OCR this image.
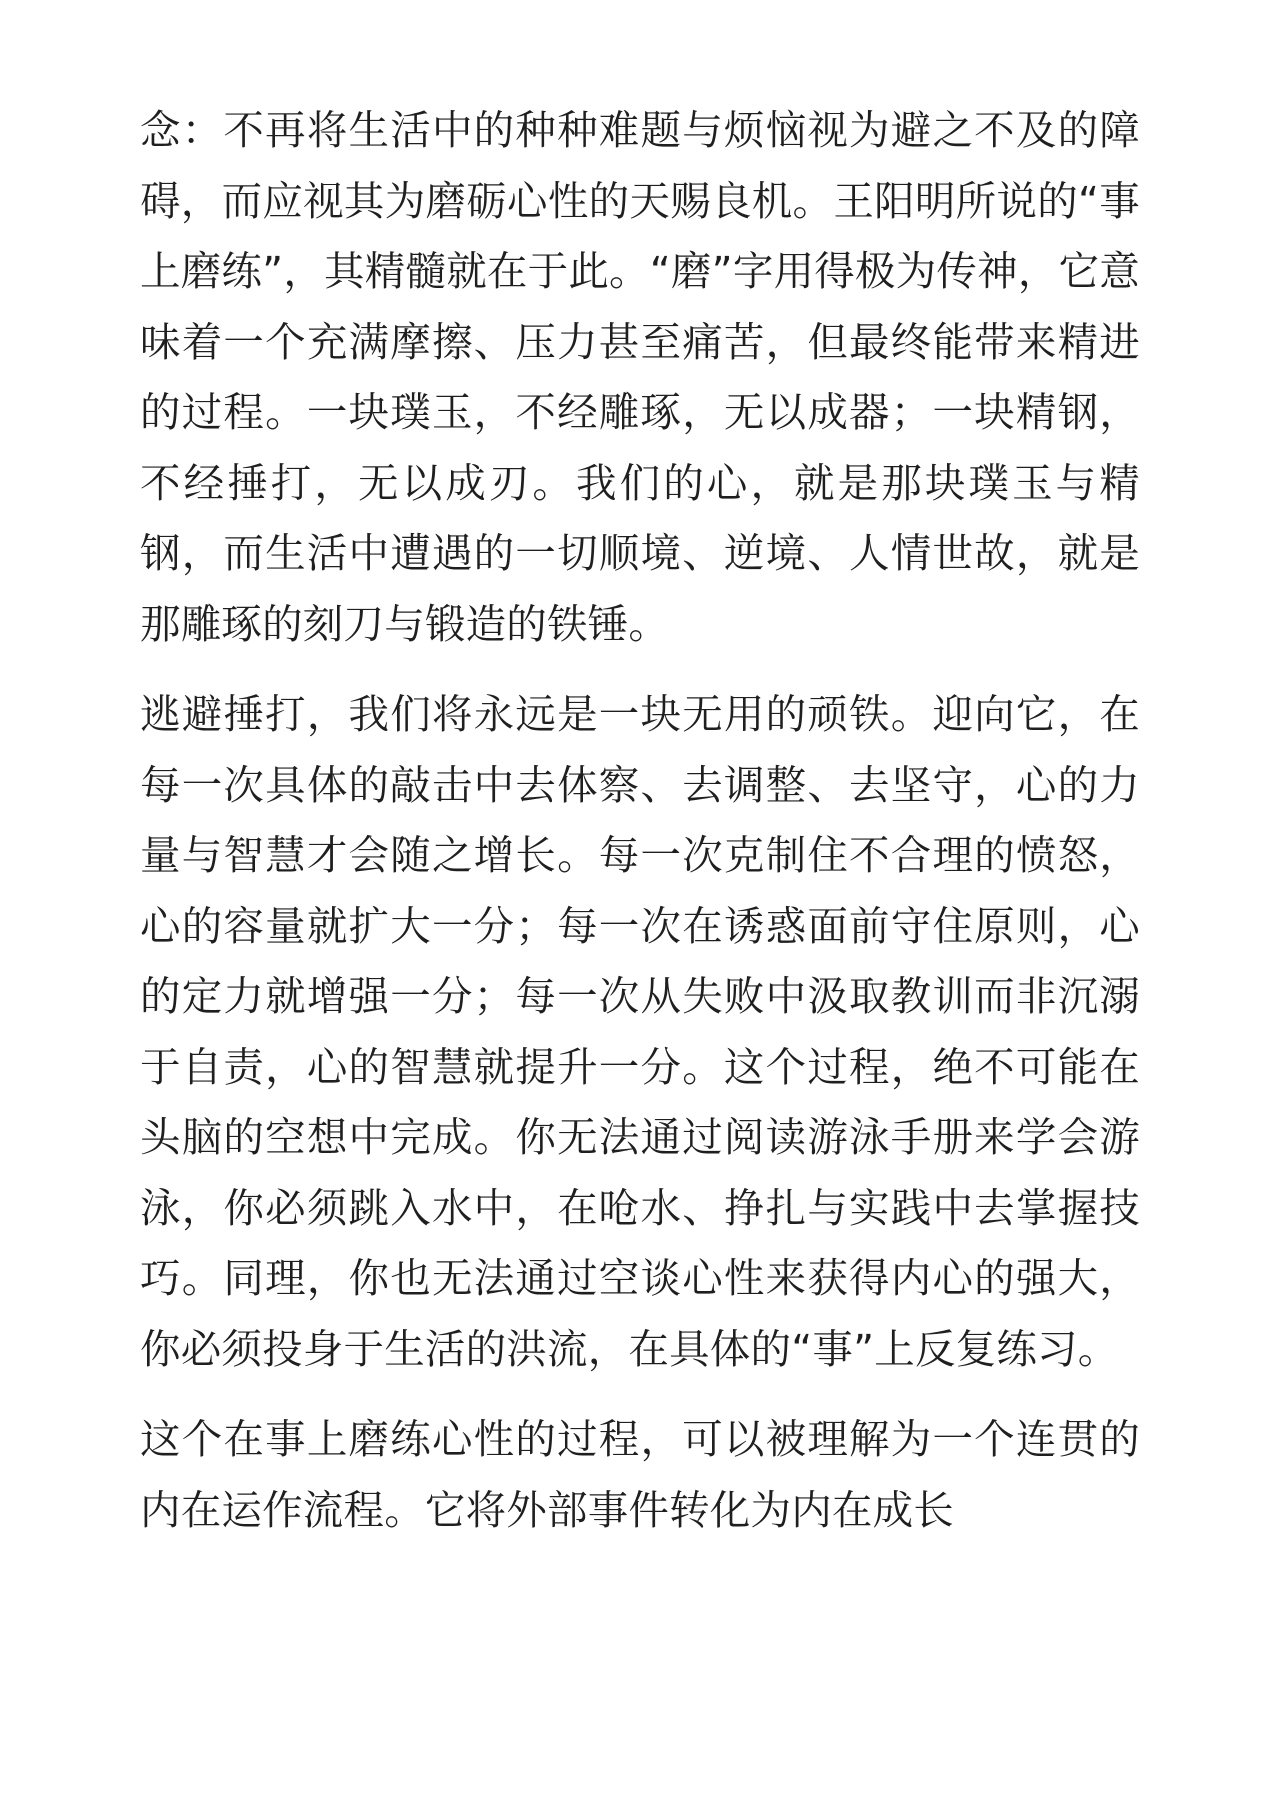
念：不再将生活中的种种难题与烦恼视为避之不及的障碍，而应视其为磨砺心性的天赐良机。王阳明所说的“事上磨练”，其精髓就在于此。“磨”字用得极为传神，它意味着一个充满摩擦、压力甚至痛苦，但最终能带来精进的过程。一块璞玉，不经雕琢，无以成器；一块精钢，不经捶打，无以成刃。我们的心，就是那块璞玉与精钢，而生活中遭遇的一切顺境、逆境、人情世故，就是那雕琢的刻刀与锻造的铁锤。

逃避捶打，我们将永远是一块无用的顽铁。迎向它，在每一次具体的敲击中去体察、去调整、去坚守，心的力量与智慧才会随之增长。每一次克制住不合理的愤怒，心的容量就扩大一分；每一次在诱惑面前守住原则，心的定力就增强一分；每一次从失败中汲取教训而非沉溺于自责，心的智慧就提升一分。这个过程，绝不可能在头脑的空想中完成。你无法通过阅读游泳手册来学会游泳，你必须跳入水中，在呛水、挣扎与实践中去掌握技巧。同理，你也无法通过空谈心性来获得内心的强大，你必须投身于生活的洪流，在具体的“事”上反复练习。

这个在事上磨练心性的过程，可以被理解为一个连贯的内在运作流程。它将外部事件转化为内在成长
